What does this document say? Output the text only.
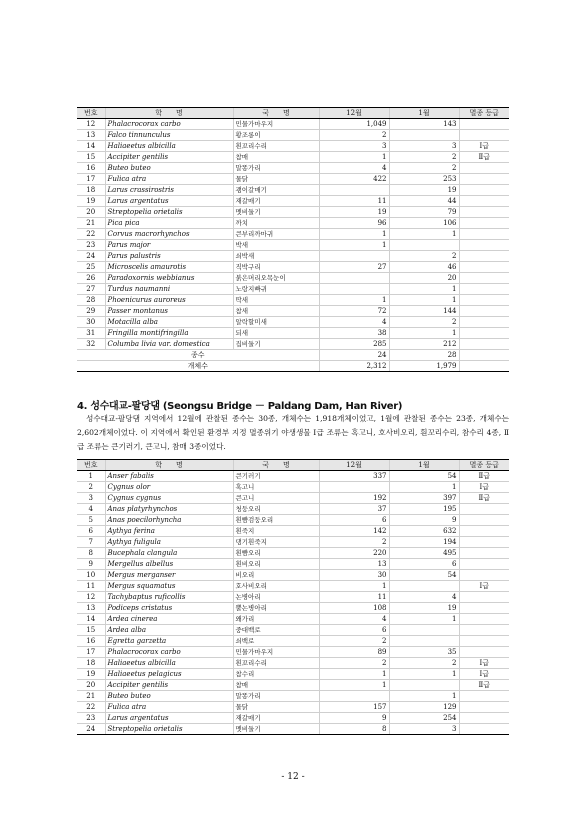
번호	학　　명	국　　명	12월	1월	멸종 등급
12	Phalacrocorax carbo	민물가마우지	1,049	143	
13	Falco tinnunculus	황조롱이	2		
14	Haliaeetus albicilla	흰꼬리수리	3	3	Ⅰ급
15	Accipiter gentilis	참매	1	2	Ⅱ급
16	Buteo buteo	말똥가리	4	2	
17	Fulica atra	물닭	422	253	
18	Larus crassirostris	괭이갈매기		19	
19	Larus argentatus	재갈매기	11	44	
20	Streptopelia orietalis	멧비둘기	19	79	
21	Pica pica	까치	96	106	
22	Corvus macrorhynchos	큰부리까마귀	1	1	
23	Parus major	박새	1		
24	Parus palustris	쇠박새		2	
25	Microscelis amaurotis	직박구리	27	46	
26	Paradoxornis webbianus	붉은머리오목눈이		20	
27	Turdus naumanni	노랑지빠귀		1	
28	Phoenicurus auroreus	딱새	1	1	
29	Passer montanus	참새	72	144	
30	Motacilla alba	알락할미새	4	2	
31	Fringilla montifringilla	되새	38	1	
32	Columba livia var. domestica	집비둘기	285	212	
종수			24	28	
개체수			2,312	1,979	
4. 성수대교-팔당댐 (Seongsu Bridge － Paldang Dam, Han River)
성수대교-팔당댐 지역에서 12월에 관찰된 종수는 30종, 개체수는 1,918개체이었고, 1월에 관찰된 종수는 23종, 개체수는 2,602개체이었다. 이 지역에서 확인된 환경부 지정 멸종위기 야생생물 Ⅰ급 조류는 혹고니, 호사비오리, 흰꼬리수리, 참수리 4종, Ⅱ급 조류는 큰기러기, 큰고니, 참매 3종이었다.
번호	학　　명	국　　명	12월	1월	멸종 등급
1	Anser fabalis	큰기러기	337	54	Ⅱ급
2	Cygnus olor	혹고니		1	Ⅰ급
3	Cygnus cygnus	큰고니	192	397	Ⅱ급
4	Anas platyrhynchos	청둥오리	37	195	
5	Anas poecilorhyncha	흰뺨검둥오리	6	9	
6	Aythya ferina	흰죽지	142	632	
7	Aythya fuligula	댕기흰죽지	2	194	
8	Bucephala clangula	흰뺨오리	220	495	
9	Mergellus albellus	흰비오리	13	6	
10	Mergus merganser	비오리	30	54	
11	Mergus squamatus	호사비오리	1		Ⅰ급
12	Tachybaptus ruficollis	논병아리	11	4	
13	Podiceps cristatus	뿔논병아리	108	19	
14	Ardea cinerea	왜가리	4	1	
15	Ardea alba	중대백로	6		
16	Egretta garzetta	쇠백로	2		
17	Phalacrocorax carbo	민물가마우지	89	35	
18	Haliaeetus albicilla	흰꼬리수리	2	2	Ⅰ급
19	Haliaeetus pelagicus	참수리	1	1	Ⅰ급
20	Accipiter gentilis	참매	1		Ⅱ급
21	Buteo buteo	말똥가리		1	
22	Fulica atra	물닭	157	129	
23	Larus argentatus	재갈매기	9	254	
24	Streptopelia orietalis	멧비둘기	8	3	
- 12 -
